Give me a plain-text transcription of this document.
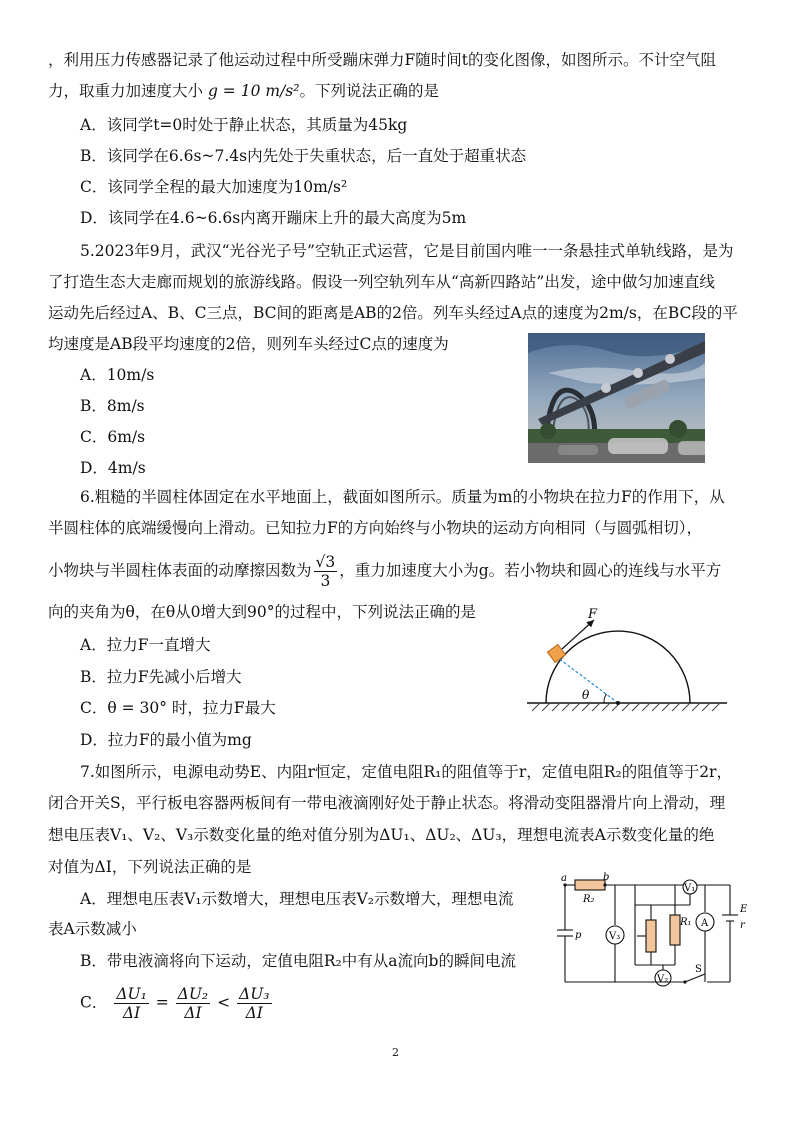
，利用压力传感器记录了他运动过程中所受蹦床弹力F随时间t的变化图像，如图所示。不计空气阻
力，取重力加速度大小 g = 10 m/s²。下列说法正确的是
A．该同学t=0时处于静止状态，其质量为45kg
B．该同学在6.6s~7.4s内先处于失重状态，后一直处于超重状态
C．该同学全程的最大加速度为10m/s²
D．该同学在4.6~6.6s内离开蹦床上升的最大高度为5m
5.2023年9月，武汉“光谷光子号”空轨正式运营，它是目前国内唯一一条悬挂式单轨线路，是为
了打造生态大走廊而规划的旅游线路。假设一列空轨列车从“高新四路站”出发，途中做匀加速直线
运动先后经过A、B、C三点，BC间的距离是AB的2倍。列车头经过A点的速度为2m/s，在BC段的平
均速度是AB段平均速度的2倍，则列车头经过C点的速度为
A．10m/s
B．8m/s
C．6m/s
D．4m/s
6.粗糙的半圆柱体固定在水平地面上，截面如图所示。质量为m的小物块在拉力F的作用下，从
半圆柱体的底端缓慢向上滑动。已知拉力F的方向始终与小物块的运动方向相同（与圆弧相切），
小物块与半圆柱体表面的动摩擦因数为 $\frac{√3}{3}$ ，重力加速度大小为g。若小物块和圆心的连线与水平方
向的夹角为θ，在θ从0增大到90°的过程中，下列说法正确的是
A．拉力F一直增大
B．拉力F先减小后增大
C．θ = 30° 时，拉力F最大
D．拉力F的最小值为mg
F
θ
7.如图所示，电源电动势E、内阻r恒定，定值电阻R₁的阻值等于r，定值电阻R₂的阻值等于2r，
闭合开关S，平行板电容器两板间有一带电液滴刚好处于静止状态。将滑动变阻器滑片向上滑动，理
想电压表V₁、V₂、V₃示数变化量的绝对值分别为ΔU₁、ΔU₂、ΔU₃，理想电流表A示数变化量的绝
对值为ΔI，下列说法正确的是
A．理想电压表V₁示数增大，理想电压表V₂示数增大，理想电流
表A示数减小
B．带电液滴将向下运动，定值电阻R₂中有从a流向b的瞬间电流
C． $\frac{\text{ΔU₁}}{\Delta I} = \frac{\text{ΔU₂}}{\Delta I} < \frac{\text{ΔU₃}}{\Delta I}$
a	b
R₂
p	V₃
V₂
V₁
A
R₁
E
r
S
2
